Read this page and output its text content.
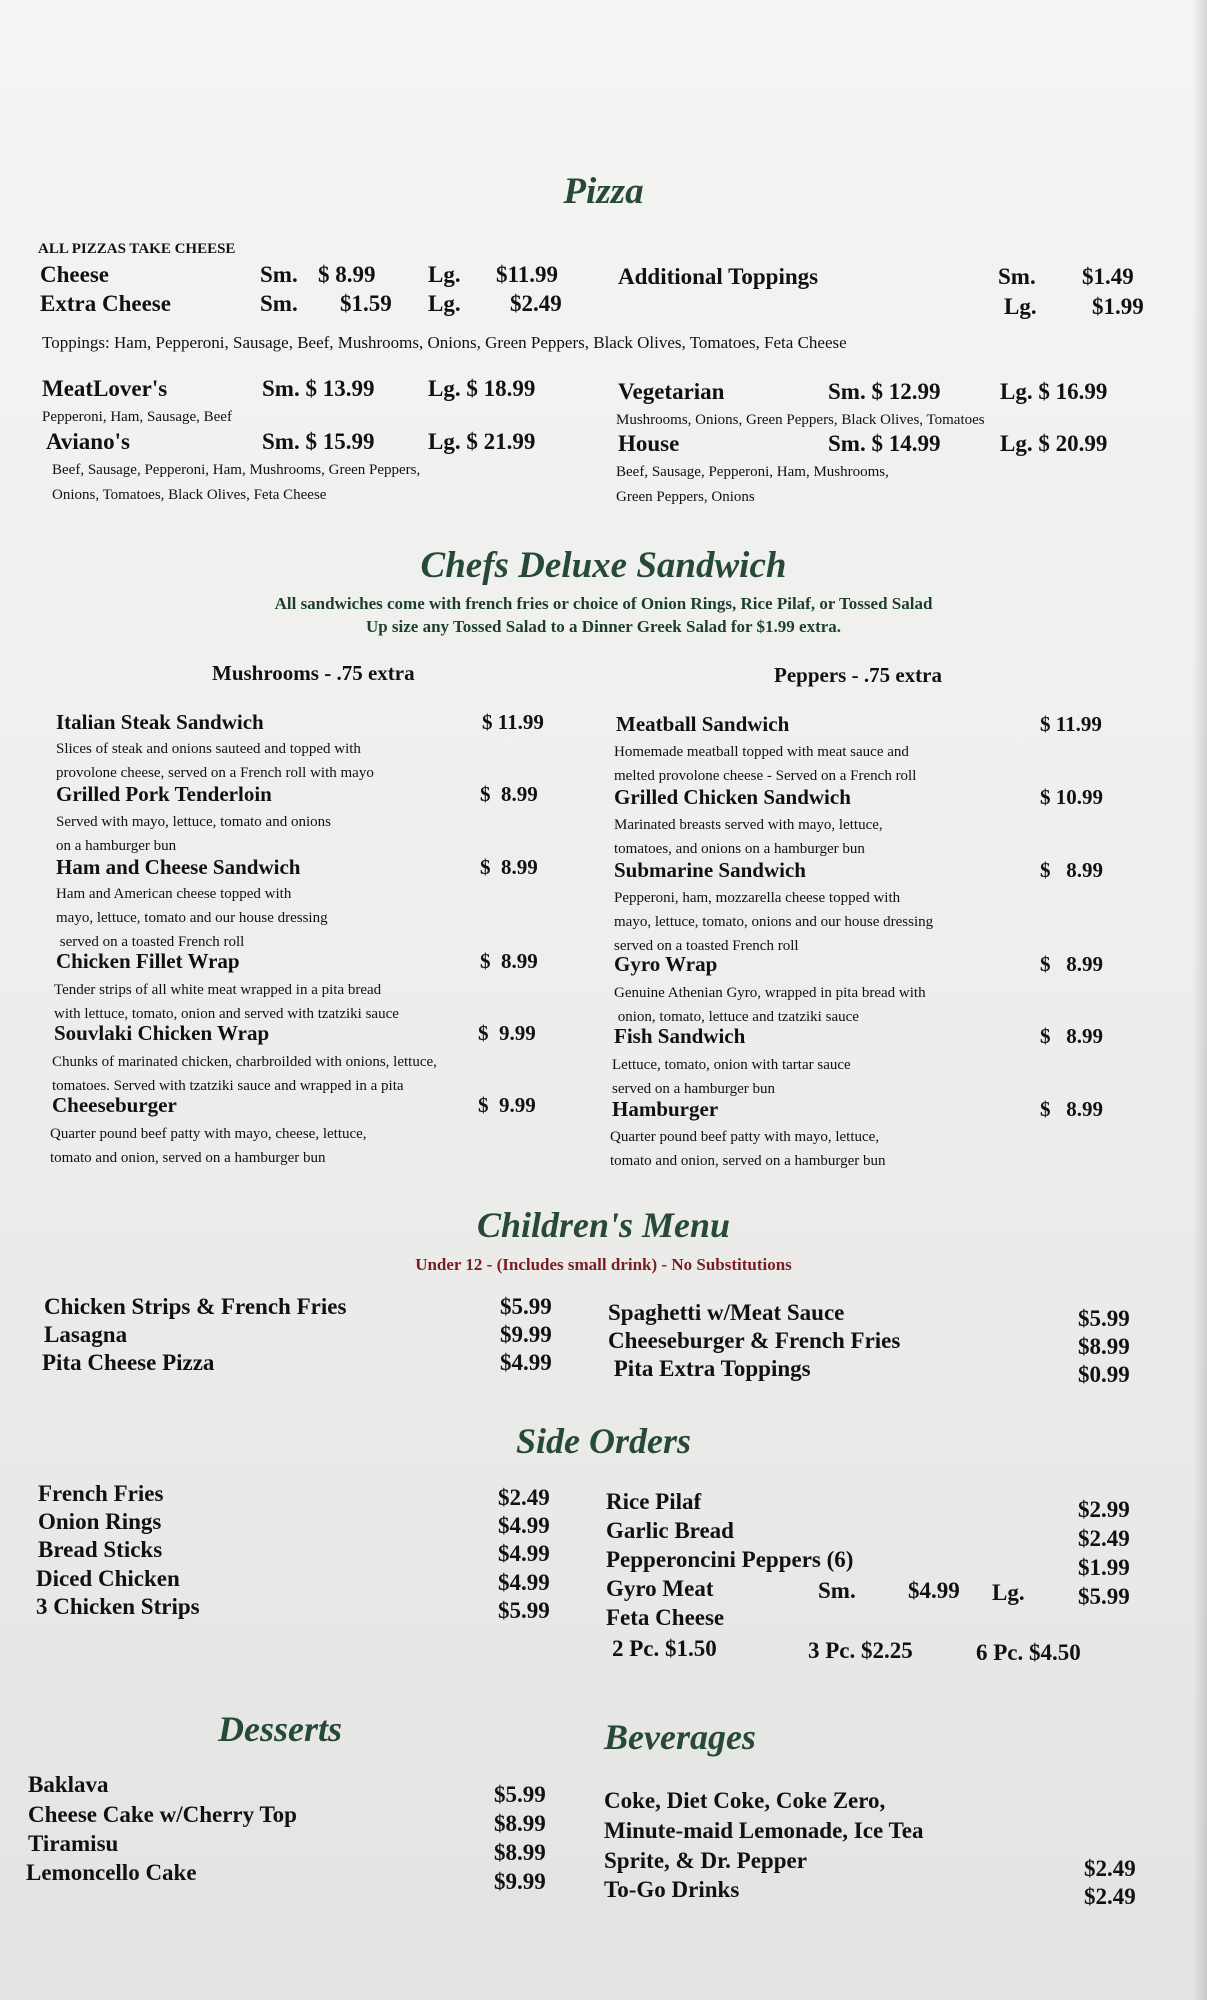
Pizza
ALL PIZZAS TAKE CHEESE
Cheese	Sm. $ 8.99 Lg. $11.99
Extra Cheese	Sm. $1.59 Lg. $2.49
Additional Toppings	Sm. $1.49
Lg. $1.99
Toppings: Ham, Pepperoni, Sausage, Beef, Mushrooms, Onions, Green Peppers, Black Olives, Tomatoes, Feta Cheese
MeatLover's	Sm. $ 13.99 Lg. $ 18.99
Pepperoni, Ham, Sausage, Beef
Aviano's	Sm. $ 15.99 Lg. $ 21.99
Beef, Sausage, Pepperoni, Ham, Mushrooms, Green Peppers,
Onions, Tomatoes, Black Olives, Feta Cheese
Vegetarian	Sm. $ 12.99	Lg. $ 16.99
Mushrooms, Onions, Green Peppers, Black Olives, Tomatoes
House	Sm. $ 14.99	Lg. $ 20.99
Beef, Sausage, Pepperoni, Ham, Mushrooms,
Green Peppers, Onions
Chefs Deluxe Sandwich
All sandwiches come with french fries or choice of Onion Rings, Rice Pilaf, or Tossed Salad
Up size any Tossed Salad to a Dinner Greek Salad for $1.99 extra.
Mushrooms - .75 extra	Peppers - .75 extra
Italian Steak Sandwich	$ 11.99
Slices of steak and onions sauteed and topped with
provolone cheese, served on a French roll with mayo
Grilled Pork Tenderloin	$  8.99
Served with mayo, lettuce, tomato and onions
on a hamburger bun
Ham and Cheese Sandwich	$  8.99
Ham and American cheese topped with
mayo, lettuce, tomato and our house dressing
served on a toasted French roll
Chicken Fillet Wrap	$  8.99
Tender strips of all white meat wrapped in a pita bread
with lettuce, tomato, onion and served with tzatziki sauce
Souvlaki Chicken Wrap	$  9.99
Chunks of marinated chicken, charbroilded with onions, lettuce,
tomatoes. Served with tzatziki sauce and wrapped in a pita
Cheeseburger	$  9.99
Quarter pound beef patty with mayo, cheese, lettuce,
tomato and onion, served on a hamburger bun
Meatball Sandwich	$ 11.99
Homemade meatball topped with meat sauce and
melted provolone cheese - Served on a French roll
Grilled Chicken Sandwich	$ 10.99
Marinated breasts served with mayo, lettuce,
tomatoes, and onions on a hamburger bun
Submarine Sandwich	$   8.99
Pepperoni, ham, mozzarella cheese topped with
mayo, lettuce, tomato, onions and our house dressing
served on a toasted French roll
Gyro Wrap	$   8.99
Genuine Athenian Gyro, wrapped in pita bread with
onion, tomato, lettuce and tzatziki sauce
Fish Sandwich	$   8.99
Lettuce, tomato, onion with tartar sauce
served on a hamburger bun
Hamburger	$   8.99
Quarter pound beef patty with mayo, lettuce,
tomato and onion, served on a hamburger bun
Children's Menu
Under 12 - (Includes small drink) - No Substitutions
Chicken Strips & French Fries	$5.99
Lasagna	$9.99
Pita Cheese Pizza	$4.99
Spaghetti w/Meat Sauce	$5.99
Cheeseburger & French Fries	$8.99
Pita Extra Toppings	$0.99
Side Orders
French Fries	$2.49
Onion Rings	$4.99
Bread Sticks	$4.99
Diced Chicken	$4.99
3 Chicken Strips	$5.99
Rice Pilaf	$2.99
Garlic Bread	$2.49
Pepperoncini Peppers (6)	$1.99
Gyro Meat	Sm. $4.99 Lg. $5.99
Feta Cheese
2 Pc. $1.50	3 Pc. $2.25	6 Pc. $4.50
Desserts
Baklava	$5.99
Cheese Cake w/Cherry Top	$8.99
Tiramisu	$8.99
Lemoncello Cake	$9.99
Beverages
Coke, Diet Coke, Coke Zero,
Minute-maid Lemonade, Ice Tea
Sprite, & Dr. Pepper	$2.49
To-Go Drinks	$2.49
